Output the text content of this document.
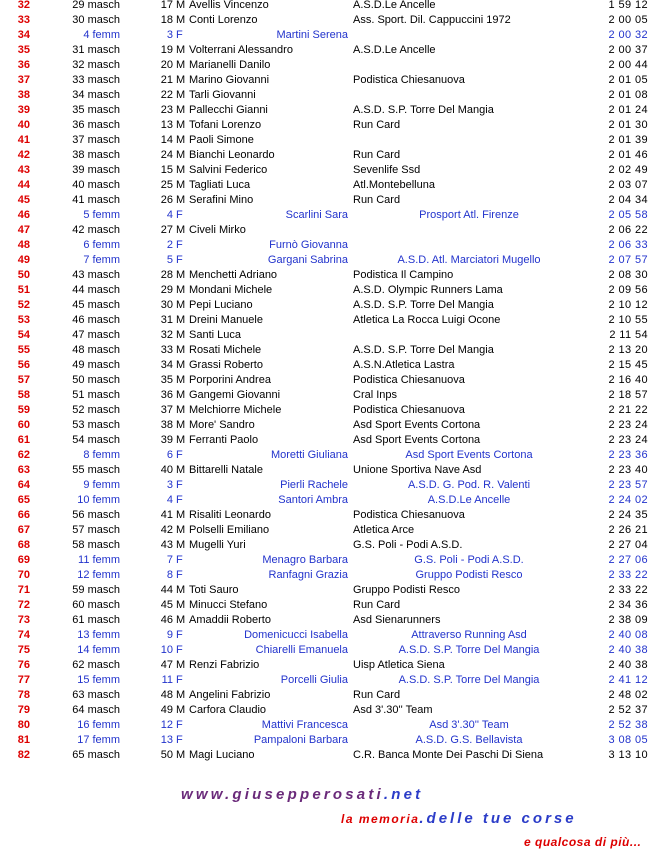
32	29 masch	17 M Avellis Vincenzo	A.S.D.Le Ancelle	1 59 12
33	30 masch	18 M Conti Lorenzo	Ass. Sport. Dil. Cappuccini 1972	2 00 05
34	4 femm	3 F	Martini Serena	2 00 32
35	31 masch	19 M Volterrani Alessandro	A.S.D.Le Ancelle	2 00 37
36	32 masch	20 M Marianelli Danilo	2 00 44
37	33 masch	21 M Marino Giovanni	Podistica Chiesanuova	2 01 05
38	34 masch	22 M Tarli Giovanni	2 01 08
39	35 masch	23 M Pallecchi Gianni	A.S.D. S.P. Torre Del Mangia	2 01 24
40	36 masch	13 M Tofani Lorenzo	Run Card	2 01 30
41	37 masch	14 M Paoli Simone	2 01 39
42	38 masch	24 M Bianchi Leonardo	Run Card	2 01 46
43	39 masch	15 M Salvini Federico	Sevenlife Ssd	2 02 49
44	40 masch	25 M Tagliati Luca	Atl.Montebelluna	2 03 07
45	41 masch	26 M Serafini Mino	Run Card	2 04 34
46	5 femm	4 F	Scarlini Sara	Prosport Atl. Firenze	2 05 58
47	42 masch	27 M Civeli Mirko	2 06 22
48	6 femm	2 F	Furnò Giovanna	2 06 33
49	7 femm	5 F	Gargani Sabrina	A.S.D. Atl. Marciatori Mugello	2 07 57
50	43 masch	28 M Menchetti Adriano	Podistica Il Campino	2 08 30
51	44 masch	29 M Mondani Michele	A.S.D. Olympic Runners Lama	2 09 56
52	45 masch	30 M Pepi Luciano	A.S.D. S.P. Torre Del Mangia	2 10 12
53	46 masch	31 M Dreini Manuele	Atletica La Rocca Luigi Ocone	2 10 55
54	47 masch	32 M Santi Luca	2 11 54
55	48 masch	33 M Rosati Michele	A.S.D. S.P. Torre Del Mangia	2 13 20
56	49 masch	34 M Grassi Roberto	A.S.N.Atletica Lastra	2 15 45
57	50 masch	35 M Porporini Andrea	Podistica Chiesanuova	2 16 40
58	51 masch	36 M Gangemi Giovanni	Cral Inps	2 18 57
59	52 masch	37 M Melchiorre Michele	Podistica Chiesanuova	2 21 22
60	53 masch	38 M More' Sandro	Asd Sport Events Cortona	2 23 24
61	54 masch	39 M Ferranti Paolo	Asd Sport Events Cortona	2 23 24
62	8 femm	6 F	Moretti Giuliana	Asd Sport Events Cortona	2 23 36
63	55 masch	40 M Bittarelli Natale	Unione Sportiva Nave Asd	2 23 40
64	9 femm	3 F	Pierli Rachele	A.S.D. G. Pod. R. Valenti	2 23 57
65	10 femm	4 F	Santori Ambra	A.S.D.Le Ancelle	2 24 02
66	56 masch	41 M Risaliti Leonardo	Podistica Chiesanuova	2 24 35
67	57 masch	42 M Polselli Emiliano	Atletica Arce	2 26 21
68	58 masch	43 M Mugelli Yuri	G.S. Poli - Podi A.S.D.	2 27 04
69	11 femm	7 F	Menagro Barbara	G.S. Poli - Podi A.S.D.	2 27 06
70	12 femm	8 F	Ranfagni Grazia	Gruppo Podisti Resco	2 33 22
71	59 masch	44 M Toti Sauro	Gruppo Podisti Resco	2 33 22
72	60 masch	45 M Minucci Stefano	Run Card	2 34 36
73	61 masch	46 M Amaddii Roberto	Asd Sienarunners	2 38 09
74	13 femm	9 F	Domenicucci Isabella	Attraverso Running Asd	2 40 08
75	14 femm	10 F	Chiarelli Emanuela	A.S.D. S.P. Torre Del Mangia	2 40 38
76	62 masch	47 M Renzi Fabrizio	Uisp Atletica Siena	2 40 38
77	15 femm	11 F	Porcelli Giulia	A.S.D. S.P. Torre Del Mangia	2 41 12
78	63 masch	48 M Angelini Fabrizio	Run Card	2 48 02
79	64 masch	49 M Carfora Claudio	Asd 3'.30'' Team	2 52 37
80	16 femm	12 F	Mattivi Francesca	Asd 3'.30'' Team	2 52 38
81	17 femm	13 F	Pampaloni Barbara	A.S.D. G.S. Bellavista	3 08 05
82	65 masch	50 M Magi Luciano	C.R. Banca Monte Dei Paschi Di Siena	3 13 10
www.giusepperosati.net
la memoria.delle tue corse
e qualcosa di più...
